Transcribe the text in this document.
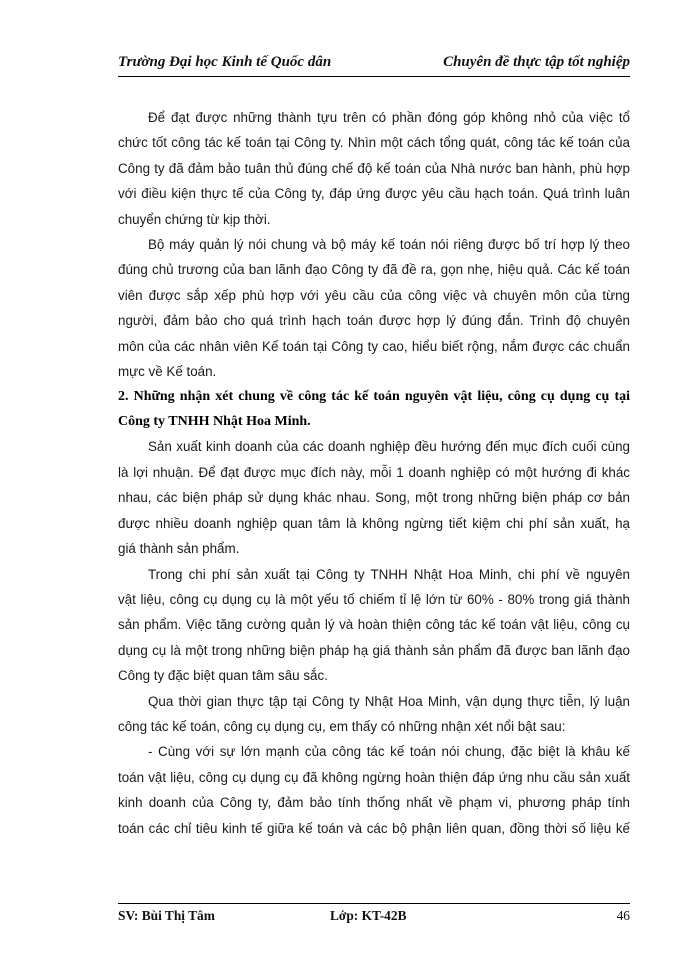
Trường Đại học Kinh tế Quốc dân	Chuyên đề thực tập tốt nghiệp

Để đạt được những thành tựu trên có phần đóng góp không nhỏ của việc tổ
chức tốt công tác kế toán tại Công ty. Nhìn một cách tổng quát, công tác kế toán của
Công ty đã đảm bảo tuân thủ đúng chế độ kế toán của Nhà nước ban hành, phù hợp
với điều kiện thực tế của Công ty, đáp ứng được yêu cầu hạch toán. Quá trình luân
chuyển chứng từ kịp thời.

Bộ máy quản lý nói chung và bộ máy kế toán nói riêng được bố trí hợp lý theo
đúng chủ trương của ban lãnh đạo Công ty đã đề ra, gọn nhẹ, hiệu quả. Các kế toán
viên được sắp xếp phù hợp với yêu cầu của công việc và chuyên môn của từng
người, đảm bảo cho quá trình hạch toán được hợp lý đúng đắn. Trình độ chuyên
môn của các nhân viên Kế toán tại Công ty cao, hiểu biết rộng, nắm được các chuẩn
mực về Kế toán.

2. Những nhận xét chung về công tác kế toán nguyên vật liệu, công cụ dụng cụ tại
Công ty TNHH Nhật Hoa Minh.

Sản xuất kinh doanh của các doanh nghiệp đều hướng đến mục đích cuối cùng
là lợi nhuận. Để đạt được mục đích này, mỗi 1 doanh nghiệp có một hướng đi khác
nhau, các biện pháp sử dụng khác nhau. Song, một trong những biện pháp cơ bản
được nhiều doanh nghiệp quan tâm là không ngừng tiết kiệm chi phí sản xuất, hạ
giá thành sản phẩm.

Trong chi phí sản xuất tại Công ty TNHH Nhật Hoa Minh, chi phí về nguyên
vật liệu, công cụ dụng cụ là một yếu tố chiếm tỉ lệ lớn từ 60% - 80% trong giá thành
sản phẩm. Việc tăng cường quản lý và hoàn thiện công tác kế toán vật liệu, công cụ
dụng cụ là một trong những biện pháp hạ giá thành sản phẩm đã được ban lãnh đạo
Công ty đặc biệt quan tâm sâu sắc.

Qua thời gian thực tập tại Công ty Nhật Hoa Minh, vận dụng thực tiễn, lý luận
công tác kế toán, công cụ dụng cụ, em thấy có những nhận xét nổi bật sau:

- Cùng với sự lớn mạnh của công tác kế toán nói chung, đặc biệt là khâu kế
toán vật liệu, công cụ dụng cụ đã không ngừng hoàn thiện đáp ứng nhu cầu sản xuất
kinh doanh của Công ty, đảm bảo tính thống nhất về phạm vi, phương pháp tính
toán các chỉ tiêu kinh tế giữa kế toán và các bộ phận liên quan, đồng thời số liệu kế

SV: Bùi Thị Tâm	Lớp: KT-42B	46
